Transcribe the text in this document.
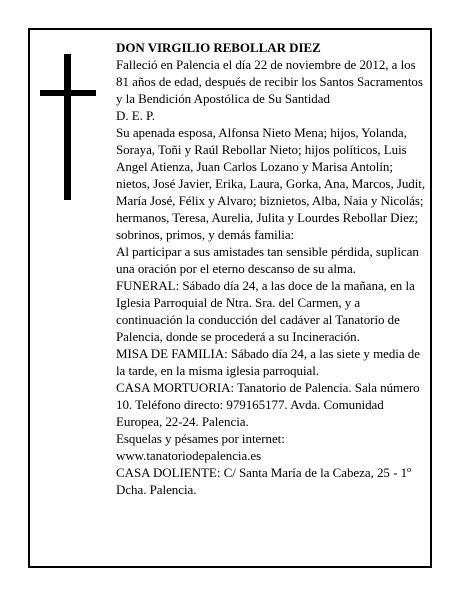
DON VIRGILIO REBOLLAR DIEZ

Falleció en Palencia el día 22 de noviembre de 2012, a los 81 años de edad, después de recibir los Santos Sacramentos y la Bendición Apostólica de Su Santidad

D. E. P.

Su apenada esposa, Alfonsa Nieto Mena; hijos, Yolanda, Soraya, Toñi y Raúl Rebollar Nieto; hijos políticos, Luis Angel Atienza, Juan Carlos Lozano y Marisa Antolín; nietos, José Javier, Erika, Laura, Gorka, Ana, Marcos, Judit, María José, Félix y Alvaro; biznietos, Alba, Naia y Nicolás; hermanos, Teresa, Aurelia, Julita y Lourdes Rebollar Diez; sobrinos, primos, y demás familia:

Al participar a sus amistades tan sensible pérdida, suplican una oración por el eterno descanso de su alma.

FUNERAL: Sábado día 24, a las doce de la mañana, en la Iglesia Parroquial de Ntra. Sra. del Carmen, y a continuación la conducción del cadáver al Tanatorio de Palencia, donde se procederá a su Incineración.

MISA DE FAMILIA: Sábado día 24, a las siete y media de la tarde, en la misma iglesia parroquial.

CASA MORTUORIA: Tanatorio de Palencia. Sala número 10. Teléfono directo: 979165177. Avda. Comunidad Europea, 22-24. Palencia.

Esquelas y pésames por internet:

www.tanatoriodepalencia.es

CASA DOLIENTE: C/ Santa María de la Cabeza, 25 - 1º Dcha. Palencia.
